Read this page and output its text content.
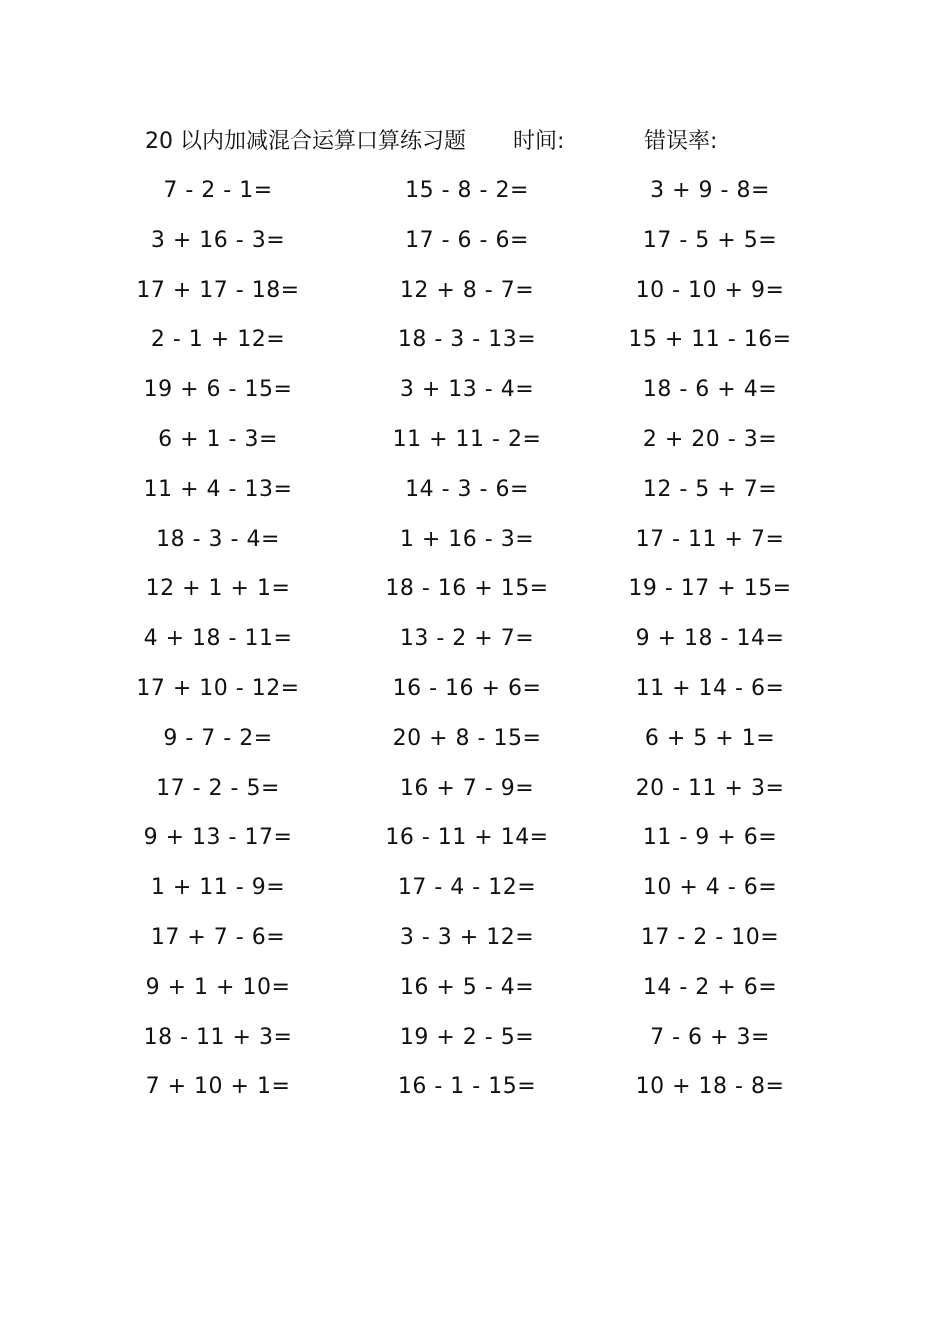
20 以内加减混合运算口算练习题 时间:	错误率:
7 - 2 - 1=	15 - 8 - 2=	3 + 9 - 8=
3 + 16 - 3=	17 - 6 - 6=	17 - 5 + 5=
17 + 17 - 18=	12 + 8 - 7=	10 - 10 + 9=
2 - 1 + 12=	18 - 3 - 13=	15 + 11 - 16=
19 + 6 - 15=	3 + 13 - 4=	18 - 6 + 4=
6 + 1 - 3=	11 + 11 - 2=	2 + 20 - 3=
11 + 4 - 13=	14 - 3 - 6=	12 - 5 + 7=
18 - 3 - 4=	1 + 16 - 3=	17 - 11 + 7=
12 + 1 + 1=	18 - 16 + 15=	19 - 17 + 15=
4 + 18 - 11=	13 - 2 + 7=	9 + 18 - 14=
17 + 10 - 12=	16 - 16 + 6=	11 + 14 - 6=
9 - 7 - 2=	20 + 8 - 15=	6 + 5 + 1=
17 - 2 - 5=	16 + 7 - 9=	20 - 11 + 3=
9 + 13 - 17=	16 - 11 + 14=	11 - 9 + 6=
1 + 11 - 9=	17 - 4 - 12=	10 + 4 - 6=
17 + 7 - 6=	3 - 3 + 12=	17 - 2 - 10=
9 + 1 + 10=	16 + 5 - 4=	14 - 2 + 6=
18 - 11 + 3=	19 + 2 - 5=	7 - 6 + 3=
7 + 10 + 1=	16 - 1 - 15=	10 + 18 - 8=
